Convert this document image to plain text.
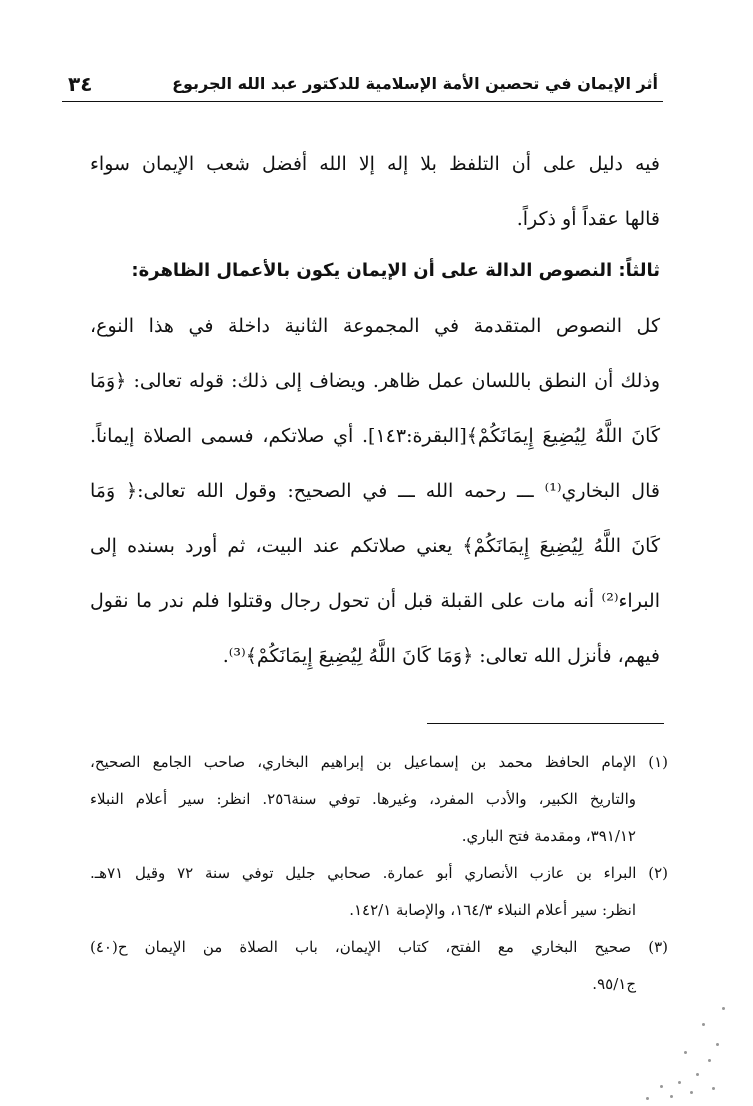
أثر الإيمان في تحصين الأمة الإسلامية للدكتور عبد الله الجربوع
٣٤
فيه دليل على أن التلفظ بلا إله إلا الله أفضل شعب الإيمان سواء
قالها عقداً أو ذكراً.
ثالثاً: النصوص الدالة على أن الإيمان يكون بالأعمال الظاهرة:
كل النصوص المتقدمة في المجموعة الثانية داخلة في هذا النوع،
وذلك أن النطق باللسان عمل ظاهر. ويضاف إلى ذلك: قوله تعالى: ﴿وَمَا
كَانَ اللَّهُ لِيُضِيعَ إِيمَانَكُمْ﴾[البقرة:١٤٣]. أي صلاتكم، فسمى الصلاة إيماناً.
قال البخاري⁽¹⁾ ـــ رحمه الله ـــ في الصحيح: وقول الله تعالى:﴿ وَمَا
كَانَ اللَّهُ لِيُضِيعَ إِيمَانَكُمْ﴾ يعني صلاتكم عند البيت، ثم أورد بسنده إلى
البراء⁽²⁾ أنه مات على القبلة قبل أن تحول رجال وقتلوا فلم ندر ما نقول
فيهم، فأنزل الله تعالى: ﴿وَمَا كَانَ اللَّهُ لِيُضِيعَ إِيمَانَكُمْ﴾⁽³⁾.
(١) الإمام الحافظ محمد بن إسماعيل بن إبراهيم البخاري، صاحب الجامع الصحيح،
والتاريخ الكبير، والأدب المفرد، وغيرها. توفي سنة٢٥٦. انظر: سير أعلام النبلاء
٣٩١/١٢، ومقدمة فتح الباري.
(٢) البراء بن عازب الأنصاري أبو عمارة. صحابي جليل توفي سنة ٧٢ وقيل ٧١هـ.
انظر: سير أعلام النبلاء ١٦٤/٣، والإصابة ١٤٢/١.
(٣) صحيح البخاري مع الفتح، كتاب الإيمان، باب الصلاة من الإيمان ح(٤٠)
ج٩٥/١.
